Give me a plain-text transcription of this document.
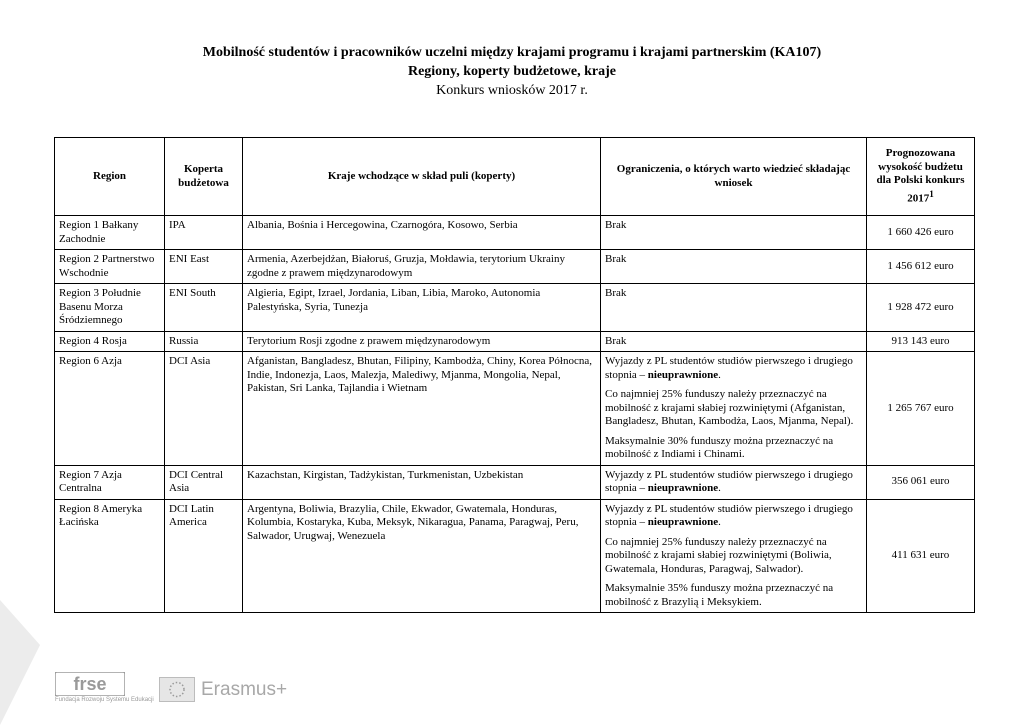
Mobilność studentów i pracowników uczelni między krajami programu i krajami partnerskim (KA107)
Regiony, koperty budżetowe, kraje
Konkurs wniosków 2017 r.
Region	Koperta budżetowa	Kraje wchodzące w skład puli (koperty)	Ograniczenia, o których warto wiedzieć składając wniosek	Prognozowana wysokość budżetu dla Polski konkurs 2017$^1$
Region 1 Bałkany Zachodnie	IPA	Albania, Bośnia i Hercegowina, Czarnogóra, Kosowo, Serbia	Brak	1 660 426 euro
Region 2 Partnerstwo Wschodnie	ENI East	Armenia, Azerbejdżan, Białoruś, Gruzja, Mołdawia, terytorium Ukrainy zgodne z prawem międzynarodowym	Brak	1 456 612 euro
Region 3 Południe Basenu Morza Śródziemnego	ENI South	Algieria, Egipt, Izrael, Jordania, Liban, Libia, Maroko, Autonomia Palestyńska, Syria, Tunezja	Brak	1 928 472 euro
Region 4 Rosja	Russia	Terytorium Rosji zgodne z prawem międzynarodowym	Brak	913 143 euro
Region 6 Azja	DCI Asia	Afganistan, Bangladesz, Bhutan, Filipiny, Kambodża, Chiny, Korea Północna, Indie, Indonezja, Laos, Malezja, Malediwy, Mjanma, Mongolia, Nepal, Pakistan, Sri Lanka, Tajlandia i Wietnam	Wyjazdy z PL studentów studiów pierwszego i drugiego stopnia – nieuprawnione.

Co najmniej 25% funduszy należy przeznaczyć na mobilność z krajami słabiej rozwiniętymi (Afganistan, Bangladesz, Bhutan, Kambodża, Laos, Mjanma, Nepal).

Maksymalnie 30% funduszy można przeznaczyć na mobilność z Indiami i Chinami.	1 265 767 euro
Region 7 Azja Centralna	DCI Central Asia	Kazachstan, Kirgistan, Tadżykistan, Turkmenistan, Uzbekistan	Wyjazdy z PL studentów studiów pierwszego i drugiego stopnia – nieuprawnione.	356 061 euro
Region 8 Ameryka Łacińska	DCI Latin America	Argentyna, Boliwia, Brazylia, Chile, Ekwador, Gwatemala, Honduras, Kolumbia, Kostaryka, Kuba, Meksyk, Nikaragua, Panama, Paragwaj, Peru, Salwador, Urugwaj, Wenezuela	Wyjazdy z PL studentów studiów pierwszego i drugiego stopnia – nieuprawnione.

Co najmniej 25% funduszy należy przeznaczyć na mobilność z krajami słabiej rozwiniętymi (Boliwia, Gwatemala, Honduras, Paragwaj, Salwador).

Maksymalnie 35% funduszy można przeznaczyć na mobilność z Brazylią i Meksykiem.	411 631 euro
frse
Fundacja Rozwoju Systemu Edukacji
Erasmus+
